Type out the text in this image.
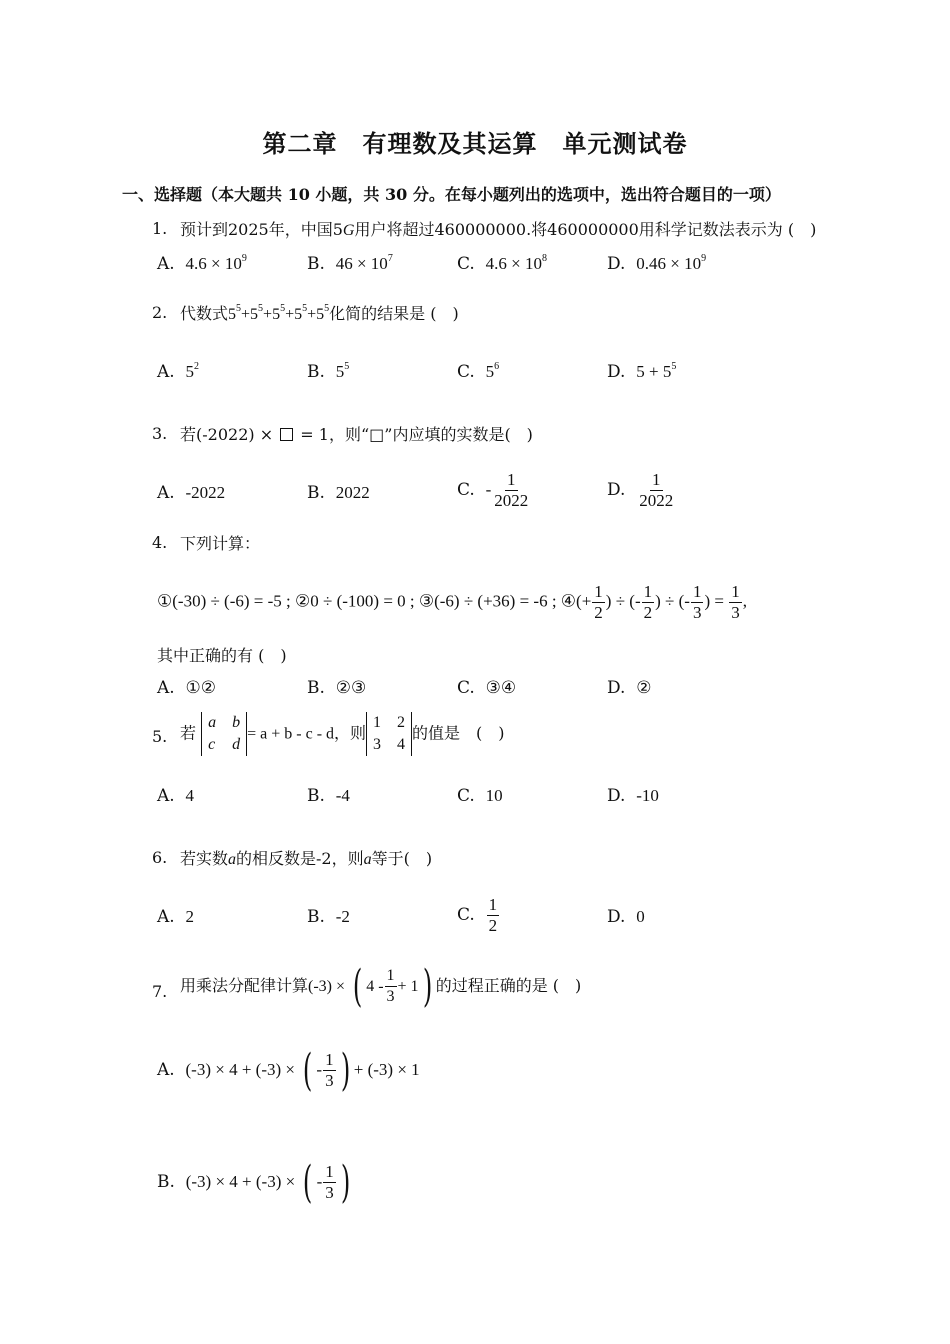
第二章　有理数及其运算　单元测试卷
一、选择题（本大题共 10 小题，共 30 分。在每小题列出的选项中，选出符合题目的一项）
1. 预计到2025年，中国5G用户将超过460000000.将460000000用科学记数法表示为 (　)
A. $4.6 \times 10^9$	B. $46 \times 10^7$	C. $4.6 \times 10^8$	D. $0.46 \times 10^9$
2. 代数式$5^5+5^5+5^5+5^5+5^5$化简的结果是 (　)
A. $5^2$	B. $5^5$	C. $5^6$	D. $5 + 5^5$
3. 若(-2022) ×  = 1，则“□”内应填的实数是(　)
A. -2022	B. 2022	C. - $\frac{1}{2022}$	D. $\frac{1}{2022}$
4. 下列计算：
①(-30) ÷ (-6) = -5 ; ②0 ÷ (-100) = 0 ; ③(-6) ÷ (+36) = -6 ; ④(+ $\frac{1}{2}$ ) ÷ (- $\frac{1}{2}$ ) ÷ (- $\frac{1}{3}$ ) = $\frac{1}{3}$ ,
其中正确的有 (　)
A. ①②	B. ②③	C. ③④	D. ②
5. 若
a b
c d
= a + b - c - d，则
1 2
3 4
的值是　(　)
A. 4	B. -4	C. 10	D. -10
6. 若实数a的相反数是-2，则a等于(　)
A. 2	B. -2	C. $\frac{1}{2}$	D. 0
7. 用乘法分配律计算(-3) × ( $4 - \frac{1}{3} + 1$) 的过程正确的是 (　)
A. (-3) × 4 + (-3) × ( - $\frac{1}{3}$ ) + (-3) × 1
B. (-3) × 4 + (-3) × ( - $\frac{1}{3}$ )
